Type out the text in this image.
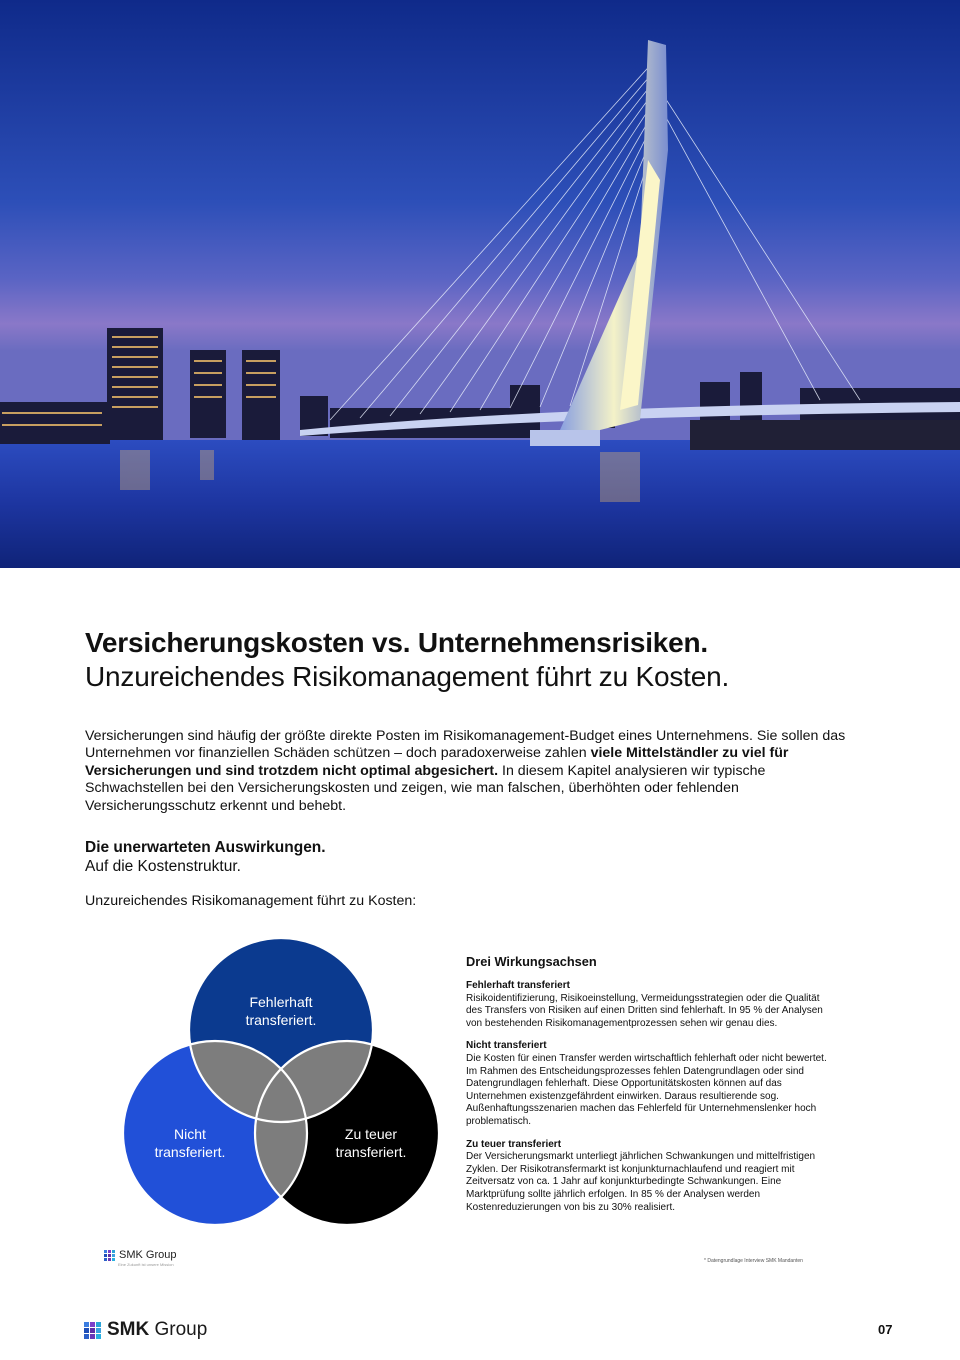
Versicherungskosten vs. Unternehmensrisiken.
Unzureichendes Risikomanagement führt zu Kosten.

Versicherungen sind häufig der größte direkte Posten im Risikomanagement-Budget eines Unternehmens. Sie sollen das Unternehmen vor finanziellen Schäden schützen – doch paradoxerweise zahlen viele Mittelständler zu viel für Versicherungen und sind trotzdem nicht optimal abgesichert. In diesem Kapitel analysieren wir typische Schwachstellen bei den Versicherungskosten und zeigen, wie man falschen, überhöhten oder fehlenden Versicherungsschutz erkennt und behebt.

Die unerwarteten Auswirkungen.
Auf die Kostenstruktur.
Unzureichendes Risikomanagement führt zu Kosten:
Fehlerhaft
transferiert.
Nicht
transferiert.
Zu teuer
transferiert.
SMK Group
Eine Zukunft ist unsere Mission
Drei Wirkungsachsen
Fehlerhaft transferiert
Risikoidentifizierung, Risikoeinstellung, Vermeidungsstrategien oder die Qualität des Transfers von Risiken auf einen Dritten sind fehlerhaft. In 95 % der Analysen von bestehenden Risikomanagementprozessen sehen wir genau dies.
Nicht transferiert
Die Kosten für einen Transfer werden wirtschaftlich fehlerhaft oder nicht bewertet. Im Rahmen des Entscheidungsprozesses fehlen Datengrundlagen oder sind Datengrundlagen fehlerhaft. Diese Opportunitätskosten können auf das Unternehmen existenzgefährdent einwirken. Daraus resultierende sog. Außenhaftungsszenarien machen das Fehlerfeld für Unternehmenslenker hoch problematisch.
Zu teuer transferiert
Der Versicherungsmarkt unterliegt jährlichen Schwankungen und mittelfristigen Zyklen. Der Risikotransfermarkt ist konjunkturnachlaufend und reagiert mit Zeitversatz von ca. 1 Jahr auf konjunkturbedingte Schwankungen. Eine Marktprüfung sollte jährlich erfolgen. In 85 % der Analysen werden Kostenreduzierungen von bis zu 30% realisiert.
* Datengrundlage Interview SMK Mandanten
SMK Group	07
